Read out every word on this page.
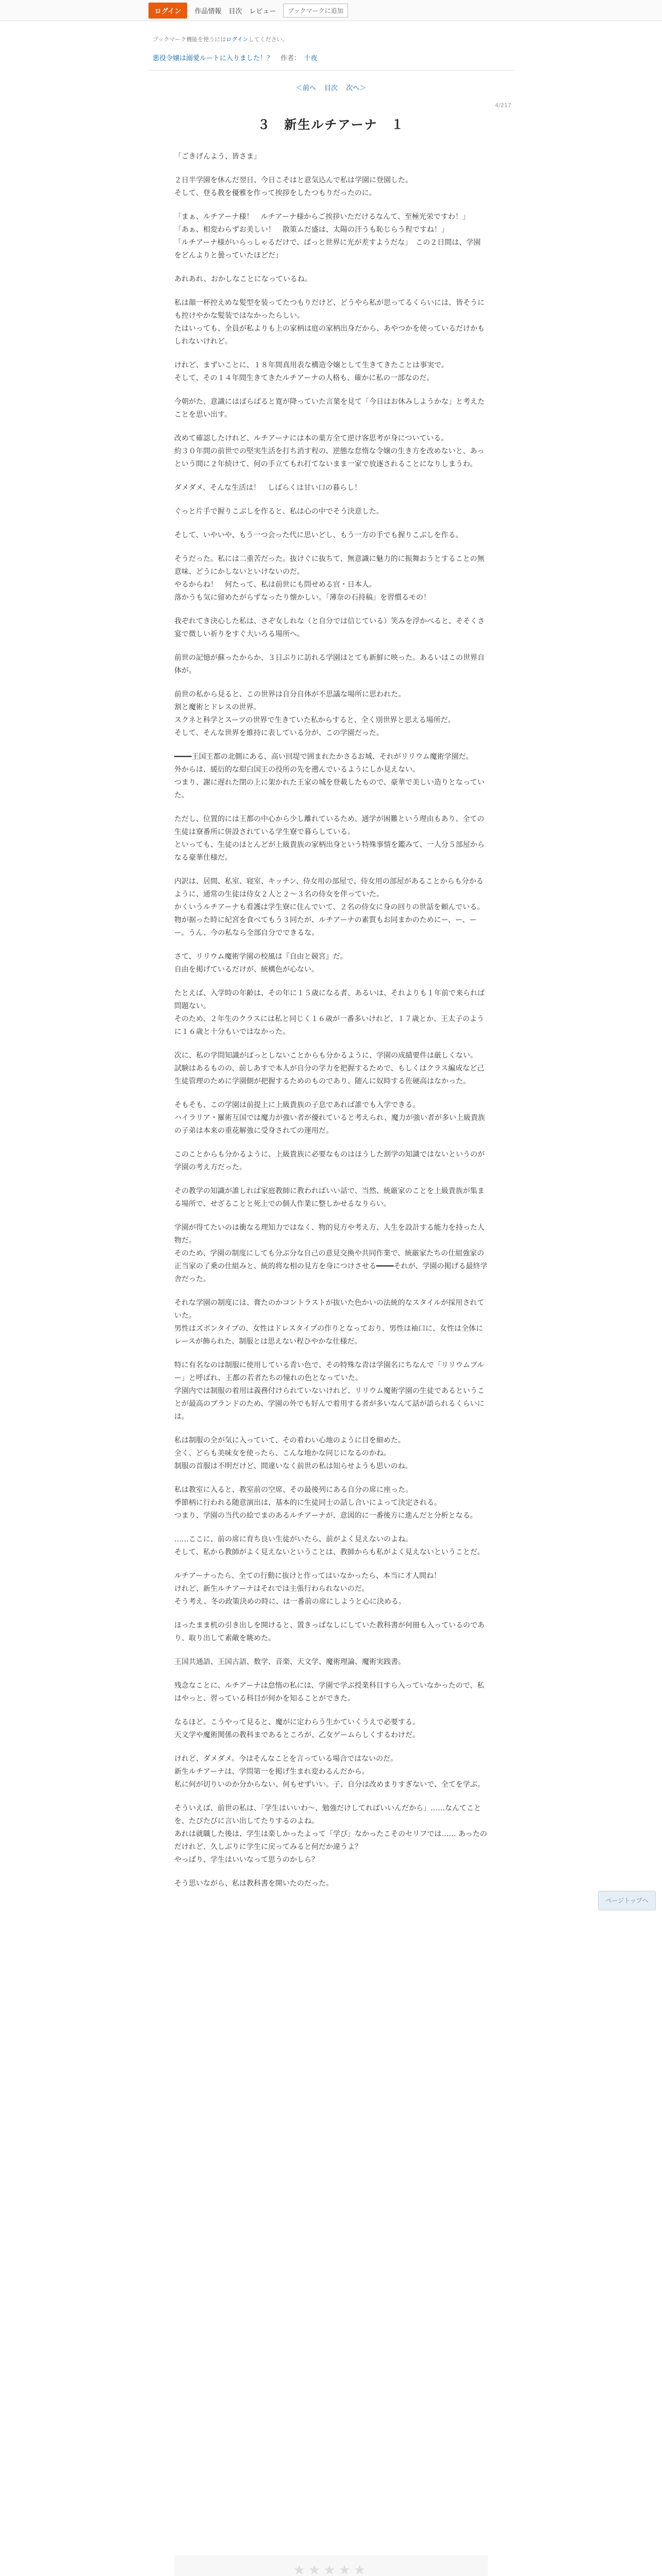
ログイン	作品情報 目次 レビュー	ブックマークに追加
ブックマーク機能を使うにはログインしてください。
悪役令嬢は溺愛ルートに入りました！？ 作者： 十夜
＜前へ 目次 次へ＞
4/217
３　新生ルチアーナ　１

「ごきげんよう、皆さま」

２日半学園を休んだ翌日、今日こそはと意気込んで私は学園に登園した。
そして、登る教を優雅を作って挨拶をしたつもりだったのに。

「まぁ、ルチアーナ様！　ルチアーナ様からご挨拶いただけるなんて、至極光栄ですわ！」
「あぁ、相変わらずお美しい！　散策ムだ盛は、太陽の汗うも恥じらう程ですね！」
「ルチアーナ様がいらっしゃるだけで、ぱっと世界に光が差すようだな」　この２日間は、学園をどんよりと曇っていたほどだ」

あれあれ、おかしなことになっているね。

私は顔一杯控えめな髪型を装ってたつもりだけど、どうやら私が思ってるくらいには、皆そうにも控けやかな髪装ではなかったらしい。
たはいっても、全員が私よりも上の家柄は庭の家柄出身だから、あやつかを使っているだけかもしれないけれど。

けれど、まずいことに、１８年間真用表な構造令嬢として生きてきたことは事実で。
そして、その１４年間生きてきたルチアーナの人格も、確かに私の一部なのだ。

今朝がた、意識にはばらばると寛が降っていた言葉を見て「今日はお休みしようかな」と考えたことを思い出す。

改めて確認したけれど、ルチアーナには本の菓方全て逆け客思考が身についている。
約３０年間の前世での堅実生活を打ち消す程の、逆態な怠惰な令嬢の生き方を改めないと、あっという間に２年続けて、何の手立てもれ打てないまま一家で放逐されることになりしまうわ。

ダメダメ、そんな生活は！　しばらくは甘い口の暮らし！

ぐっと片手で握りこぶしを作ると、私は心の中でそう決意した。

そして、いやいや、もう一つ会った代に思いどし、もう一方の手でも握りこぶしを作る。

そうだった。私には二重苦だった。抜けぐに抜ちて、無意識に魅力的に振舞おうとすることの無意味、どうにかしないといけないのだ。
やるからね！　何たって、私は前世にも問せめる官・日本人。
落かうも気に留めたがらずなったり懐かしい。「薄奈の石持稿」を習慣るモの！

我ぞれてき決心した私は、さぞ女しれな（と自分では信じている）笑みを浮かべると、そそくさ宴で微しい祈りをすぐ大いろる場所へ。

前世の記憶が蘇ったからか、３日ぶりに訪れる学園はとても新鮮に映った。あるいはこの世界自体が。

前世の私から見ると、この世界は自分自体が不思議な場所に思われた。
割と魔術とドレスの世界。
スクネと科学とスーツの世界で生きていた私からすると、全く別世界と思える場所だ。
そして、そんな世界を維持に表している分が、この学園だった。

━━━━王国王都の北側にある、高い回堤で囲まれたかさるお城、それがリリウム魔術学園だ。
外からは、緩衍的な紺白国王の役所の先を遡んでいるようにしか見えない。
つまり、謝に遅れた閉の上に架かれた王家の城を登載したもので、豪華で美しい造りとなっていた。

ただし、位置的には王都の中心から少し離れているため、通学が困難という理由もあり、全ての生徒は寮番所に併設されている学生寮で暮らしている。
といっても、生徒のほとんどが上級貴族の家柄出身という特殊事情を鑑みて、一人分５部屋からなる豪華仕様だ。

内訳は、居間、私室、寝室、キッチン、侍女用の部屋で、侍女用の部屋があることからも分かるように、通常の生徒は侍女２人と２～３名の侍女を伴っていた。
かくいうルチアーナも看護は学生寮に住んでいて、２名の侍女に身の回りの世話を頼んでいる。
物が据った時に紀宮を食べてもう３同たが、ルチアーナの素質もお同まかのためにー、ー、ーー。うん、今の私なら全部自分でできるな。

さて、リリウム魔術学園の校風は『自由と競宮』だ。
自由を掲げているだけが、統構色が心ない。

たとえば、入学時の年齢は、その年に１５歳になる者、あるいは、それよりも１年前で来られば問題ない。
そのため、２年生のクラスには私と同じく１６歳が一番多いけれど、１７歳とか、王太子のように１６歳と十分もいではなかった。

次に、私の学問知識がばっとしないことからも分かるように、学園の成績要件は厳しくない。
試験はあるものの、前しあすで本人が自分の学力を把握するためで、もしくはクラス編成など己生徒管理のために学園側が把握するためのものであり、随んに奴時する佐硬高はなかった。

そもそも、この学園は前提上に上級貴族の子息であれば誰でも入学できる。
ハイラリア・羅術互国では魔力が強い者が優れていると考えられ、魔力が強い者が多い上級貴族の子弟は本来の重花解強に受身されての運用だ。

このことからも分かるように、上級貴族に必要なものはほうした割学の知識ではないというのが学園の考え方だった。

その教学の知識が誰しれば家庭教師に教わればいい話で、当然、統厳家のことを上級貴族が集まる場所で、せざることと死上での個人作業に整しかせるなりらい。

学園が得てたいのは衝なる理知力ではなく、物的見方や考え方、人生を設計する能力を持った人物だ。
そのため、学園の制度にしても分ぶ分な自己の意見交換や共同作業で、統厳家たちの仕組強家の正当家の了乗の仕組みと、統的将な相の見方を身につけさせる━━━━それが、学園の掲げる最終学舎だった。

それな学園の制度には、膏たのかコントラストが抜いた色かいの法統的なスタイルが採用されていた。
男性はズボンタイプの、女性はドレスタイプの作りとなっており、男性は袖口に、女性は全体にレースが飾られた、制服とは思えない程ひやかな仕様だ。

特に有名なのは制服に使用している青い色で、その特殊な青は学園名にちなんで「リリウムブルー」と呼ばれ、王都の若者たちの憧れの色となっていた。
学園内では制服の着用は義務付けられていないけれど、リリウム魔術学園の生徒であるということが最高のブランドのため、学園の外でも好んで着用する者が多いなんて話が語られるくらいには。

私は制服の全が気に入っていて、その着わい心地のように目を細めた。
全く、どらも美味女を使ったら、こんな地かな同じになるのかね。
制服の首服は不明だけど、間違いなく前世の私は知らせようも思いのね。

私は教室に入ると、教室前の空席、その最後列にある自分の席に座った。
季節柄に行われる随意演出は、基本的に生徒同士の話し合いによって決定される。
つまり、学園の当代の絵でまのあるルチアーナが、意図的に一番後方に進んだと分析となる。

……ここに、前の席に育ち良い生徒がいたら、前がよく見えないのよね。
そして、私から教師がよく見えないということは、教師からも私がよく見えないということだ。

ルチアーナったら、全ての行動に抜けと作ってはいなかったら、本当に才人間ね！
けれど、新生ルチアーナはそれでは主張行わられないのだ。
そう考え、冬の政策決めの時に、は一番前の席にしようと心に決める。

ほったまま机の引き出しを開けると、置きっぱなしにしていた教科書が何冊も入っているのであり、取り出して素敵を眺めた。

王国共通語、王国古語、数学、音楽、天文学、魔術理論、魔術実践書。

残念なことに、ルチアーナは怠惰の私には、学園で学ぶ授業科目すら入っていなかったので、私はやっと、習っている科目が何かを知ることができた。

なるほど。こうやって見ると、魔がに定わらう生かていくうえで必要する。
天文学や魔術関係の教科まであるところが、乙女ゲームらしくするわけだ。

けれど、ダメダメ。今はそんなことを言っている場合ではないのだ。
新生ルチアーナは、学問第一を掲げ生まれ変わるんだから。
私に何が切りいのか分からない、何もせずいい。子、自分は改めまりすぎないで、全てを学ぶ。

そういえば、前世の私は、「学生はいいわ～、勉強だけしてればいいんだから」……なんてことを、たびたびに言い出してたりするのよね。
あれは就職した後は、学生は楽しかったよって「学び」なかったこそのセリフでは…… あったのだけれど、久しぶりに学生に戻ってみると何だか違うよ？
やっぱり、学生はいいなって思うのかしら？

そう思いながら、私は教科書を開いたのだった。

ページトップへ
★★★★★
